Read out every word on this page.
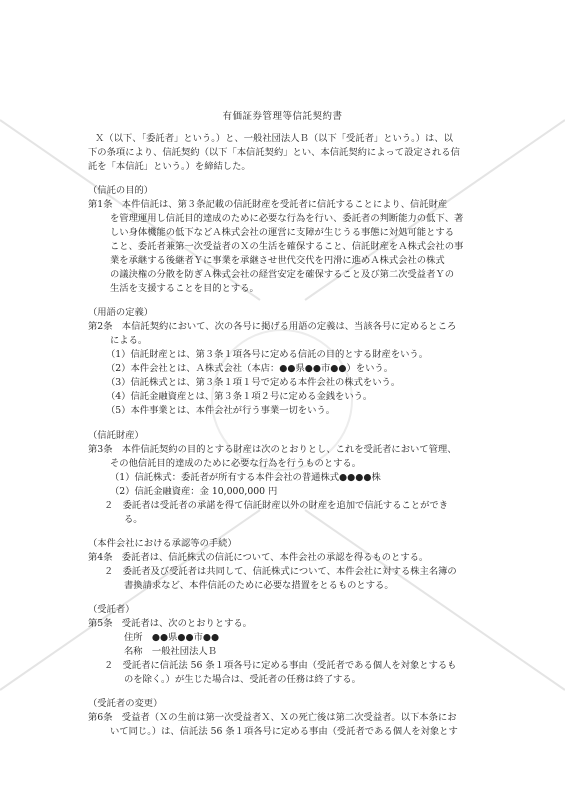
有価証券管理等信託契約書
Ｘ（以下、「委託者」という。）と、一般社団法人Ｂ（以下「受託者」という。）は、以
下の条項により、信託契約（以下「本信託契約」とい、本信託契約によって設定される信
託を「本信託」という。）を締結した。
（信託の目的）
第1条　本件信託は、第３条記載の信託財産を受託者に信託することにより、信託財産
を管理運用し信託目的達成のために必要な行為を行い、委託者の判断能力の低下、著
しい身体機能の低下などＡ株式会社の運営に支障が生じうる事態に対処可能とする
こと、委託者兼第一次受益者のＸの生活を確保すること、信託財産をＡ株式会社の事
業を承継する後継者Ｙに事業を承継させ世代交代を円滑に進めＡ株式会社の株式
の議決権の分散を防ぎＡ株式会社の経営安定を確保すること及び第二次受益者Ｙの
生活を支援することを目的とする。
（用語の定義）
第2条　本信託契約において、次の各号に掲げる用語の定義は、当該各号に定めるところ
による。
（1）信託財産とは、第３条１項各号に定める信託の目的とする財産をいう。
（2）本件会社とは、Ａ株式会社（本店：●●県●●市●●）をいう。
（3）信託株式とは、第３条１項１号で定める本件会社の株式をいう。
（4）信託金融資産とは、第３条１項２号に定める金銭をいう。
（5）本件事業とは、本件会社が行う事業一切をいう。
（信託財産）
第3条　本件信託契約の目的とする財産は次のとおりとし、これを受託者において管理、
その他信託目的達成のために必要な行為を行うものとする。
（1）信託株式：委託者が所有する本件会社の普通株式●●●●株
（2）信託金融資産：金 10,000,000 円
２　委託者は受託者の承諾を得て信託財産以外の財産を追加で信託することができ
る。
（本件会社における承認等の手続）
第4条　委託者は、信託株式の信託について、本件会社の承認を得るものとする。
２　委託者及び受託者は共同して、信託株式について、本件会社に対する株主名簿の
書換請求など、本件信託のために必要な措置をとるものとする。
（受託者）
第5条　受託者は、次のとおりとする。
住所　●●県●●市●●
名称　一般社団法人Ｂ
２　受託者に信託法 56 条１項各号に定める事由（受託者である個人を対象とするも
のを除く。）が生じた場合は、受託者の任務は終了する。
（受託者の変更）
第6条　受益者（Ｘの生前は第一次受益者Ｘ、Ｘの死亡後は第二次受益者。以下本条にお
いて同じ。）は、信託法 56 条１項各号に定める事由（受託者である個人を対象とす
